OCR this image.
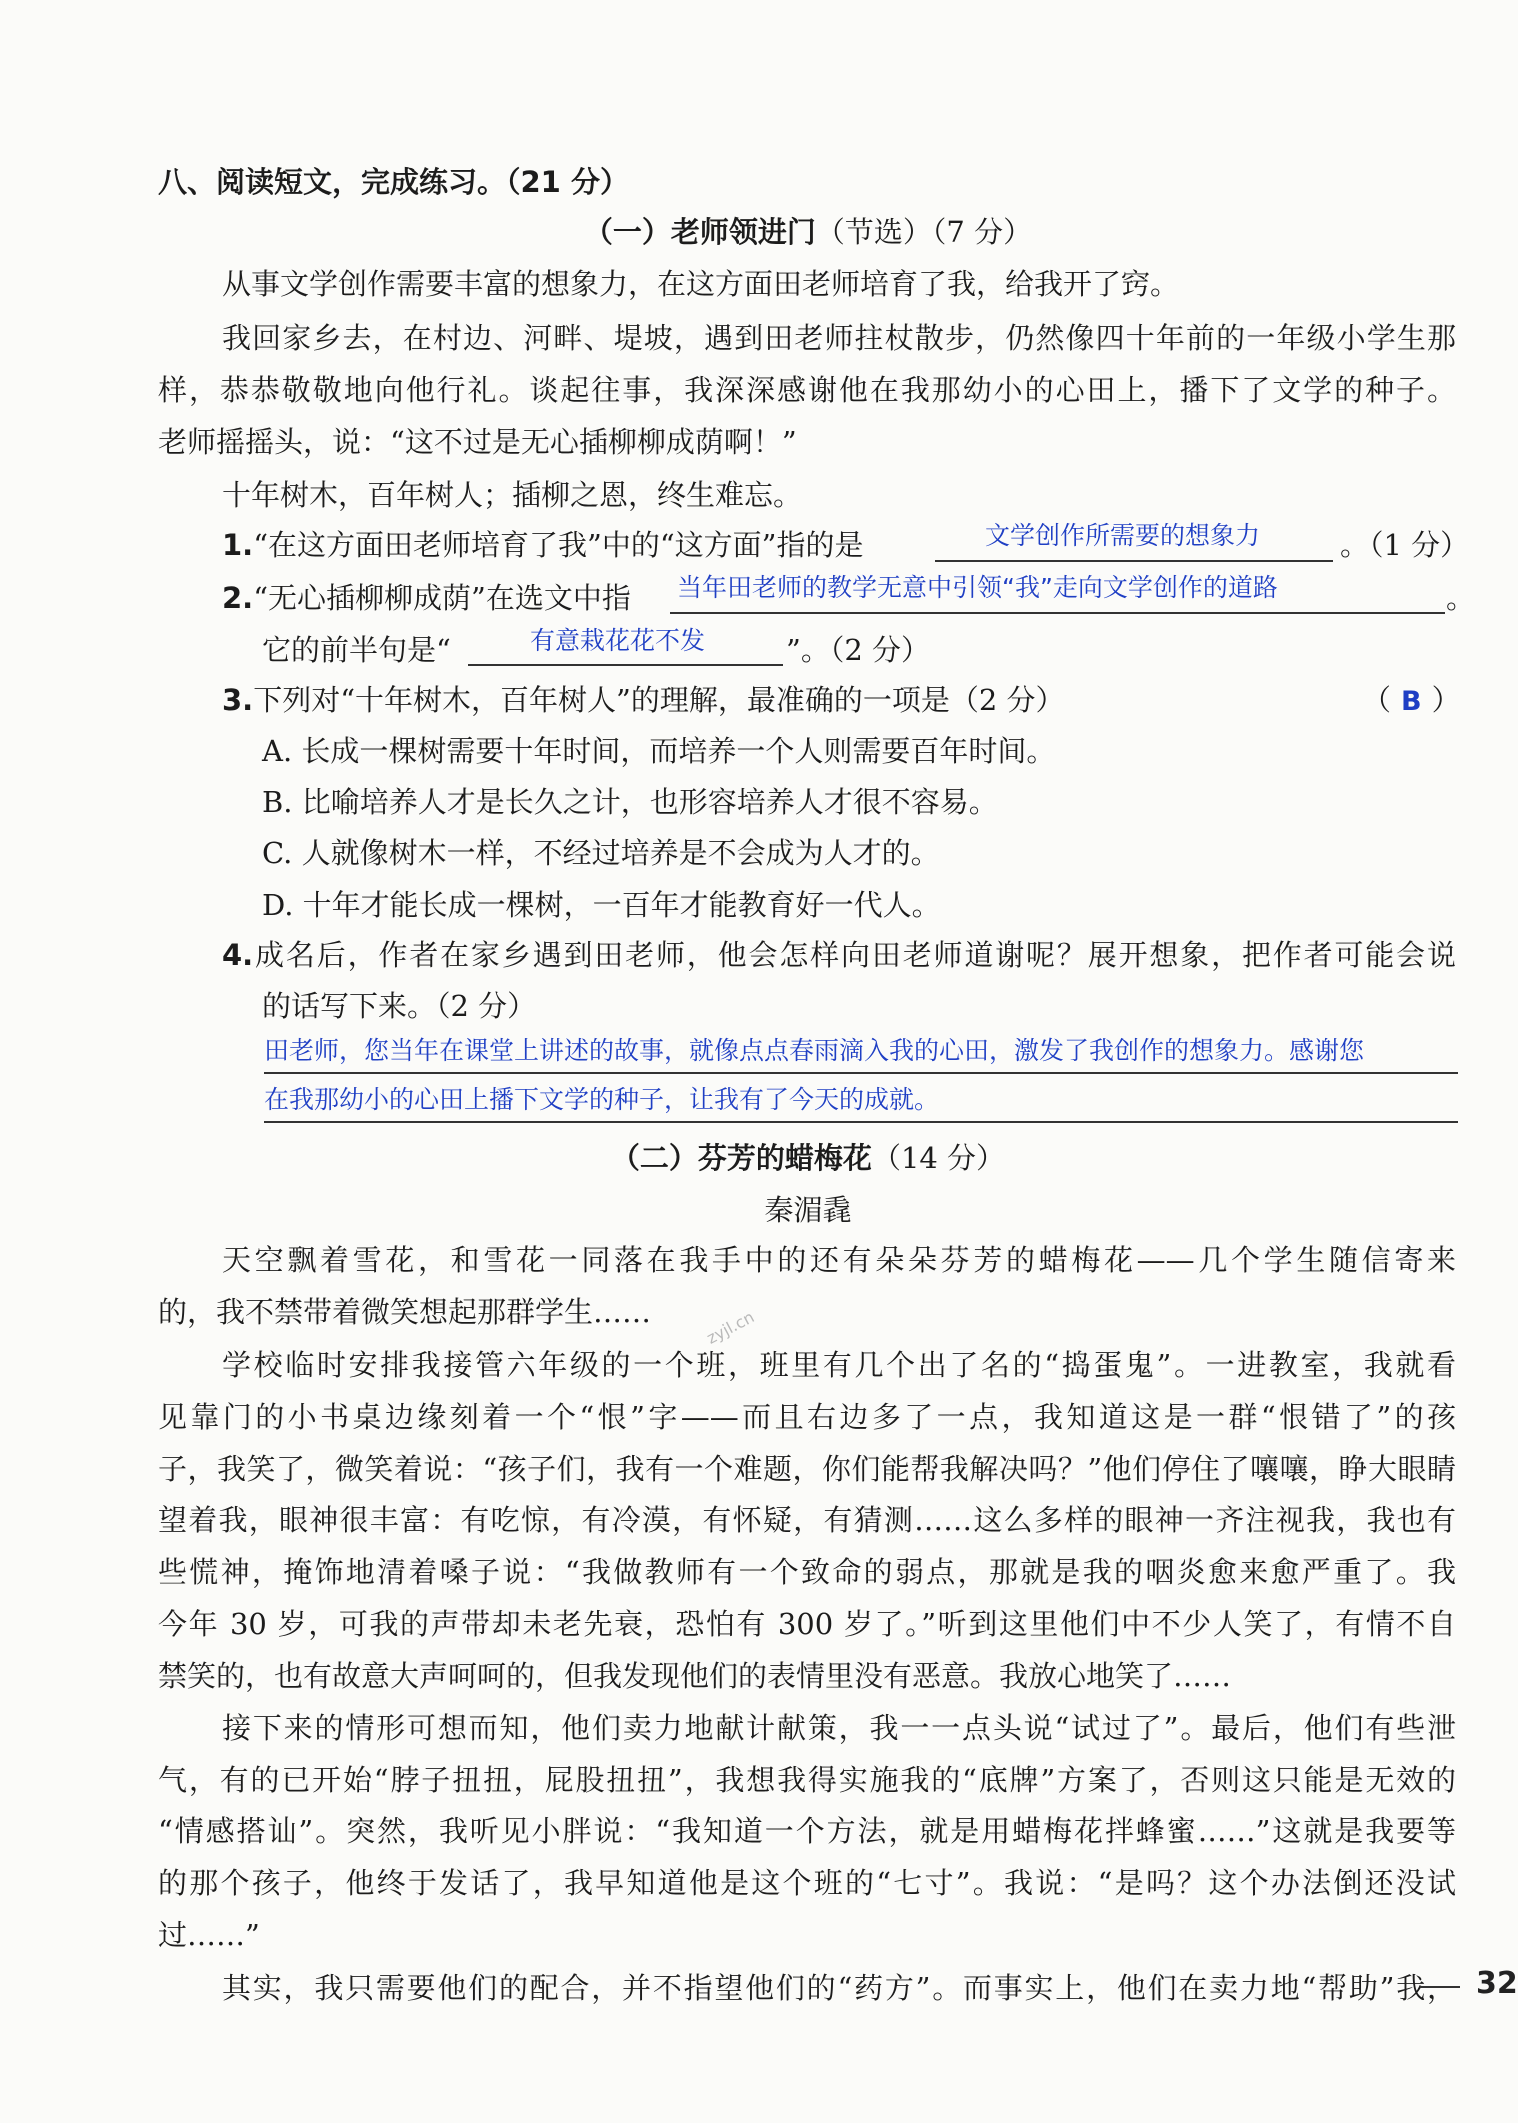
八、阅读短文，完成练习。（21 分）
（一）老师领进门（节选）（7 分）
从事文学创作需要丰富的想象力，在这方面田老师培育了我，给我开了窍。
我回家乡去，在村边、河畔、堤坡，遇到田老师拄杖散步，仍然像四十年前的一年级小学生那
样，恭恭敬敬地向他行礼。谈起往事，我深深感谢他在我那幼小的心田上，播下了文学的种子。
老师摇摇头，说：“这不过是无心插柳柳成荫啊！”
十年树木，百年树人；插柳之恩，终生难忘。
1.“在这方面田老师培育了我”中的“这方面”指的是	文学创作所需要的想象力	。（1 分）
2.“无心插柳柳成荫”在选文中指 当年田老师的教学无意中引领“我”走向文学创作的道路	。
它的前半句是“	有意栽花花不发	”。（2 分）
3.下列对“十年树木，百年树人”的理解，最准确的一项是（2 分）	（ B ）
A. 长成一棵树需要十年时间，而培养一个人则需要百年时间。
B. 比喻培养人才是长久之计，也形容培养人才很不容易。
C. 人就像树木一样，不经过培养是不会成为人才的。
D. 十年才能长成一棵树，一百年才能教育好一代人。
4.成名后，作者在家乡遇到田老师，他会怎样向田老师道谢呢？展开想象，把作者可能会说
的话写下来。（2 分）
田老师，您当年在课堂上讲述的故事，就像点点春雨滴入我的心田，激发了我创作的想象力。感谢您
在我那幼小的心田上播下文学的种子，让我有了今天的成就。
（二）芬芳的蜡梅花（14 分）
秦湄毳
天空飘着雪花，和雪花一同落在我手中的还有朵朵芬芳的蜡梅花——几个学生随信寄来
的，我不禁带着微笑想起那群学生……	zyjl.cn
学校临时安排我接管六年级的一个班，班里有几个出了名的“捣蛋鬼”。一进教室，我就看
见靠门的小书桌边缘刻着一个“恨”字——而且右边多了一点，我知道这是一群“恨错了”的孩
子，我笑了，微笑着说：“孩子们，我有一个难题，你们能帮我解决吗？”他们停住了嚷嚷，睁大眼睛
望着我，眼神很丰富：有吃惊，有冷漠，有怀疑，有猜测……这么多样的眼神一齐注视我，我也有
些慌神，掩饰地清着嗓子说：“我做教师有一个致命的弱点，那就是我的咽炎愈来愈严重了。我
今年 30 岁，可我的声带却未老先衰，恐怕有 300 岁了。”听到这里他们中不少人笑了，有情不自
禁笑的，也有故意大声呵呵的，但我发现他们的表情里没有恶意。我放心地笑了……
接下来的情形可想而知，他们卖力地献计献策，我一一点头说“试过了”。最后，他们有些泄
气，有的已开始“脖子扭扭，屁股扭扭”，我想我得实施我的“底牌”方案了，否则这只能是无效的
“情感搭讪”。突然，我听见小胖说：“我知道一个方法，就是用蜡梅花拌蜂蜜……”这就是我要等
的那个孩子，他终于发话了，我早知道他是这个班的“七寸”。我说：“是吗？这个办法倒还没试
过……”
其实，我只需要他们的配合，并不指望他们的“药方”。而事实上，他们在卖力地“帮助”我， 32
